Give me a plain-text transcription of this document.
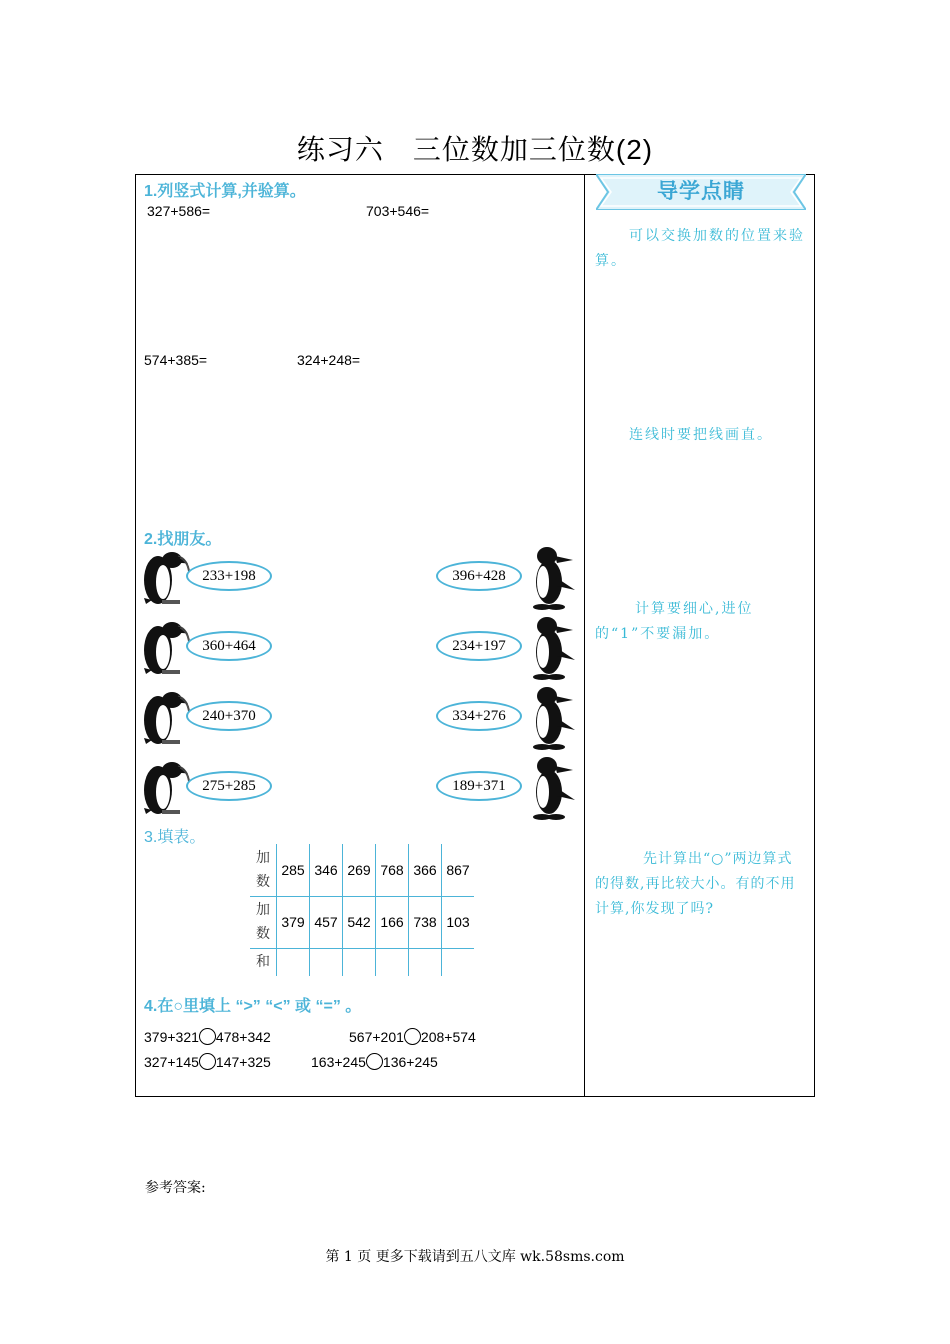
练习六　三位数加三位数(2)
导学点睛
1.列竖式计算,并验算。
327+586=	703+546=
574+385=	324+248=
2.找朋友。
233+198
360+464
240+370
275+285
396+428
234+197
334+276
189+371
3.填表。
加
数	285	346	269	768	366	867
加
数	379	457	542	166	738	103
和						
4.在○里填上 “>” “<” 或 “=” 。
379+321 478+342	567+201 208+574
327+145 147+325	163+245 136+245
可以交换加数的位置来验算。
连线时要把线画直。
计算要细心,进位的“1”不要漏加。
先计算出“○”两边算式的得数,再比较大小。有的不用计算,你发现了吗?
参考答案:
第 1 页 更多下载请到五八文库 wk.58sms.com
